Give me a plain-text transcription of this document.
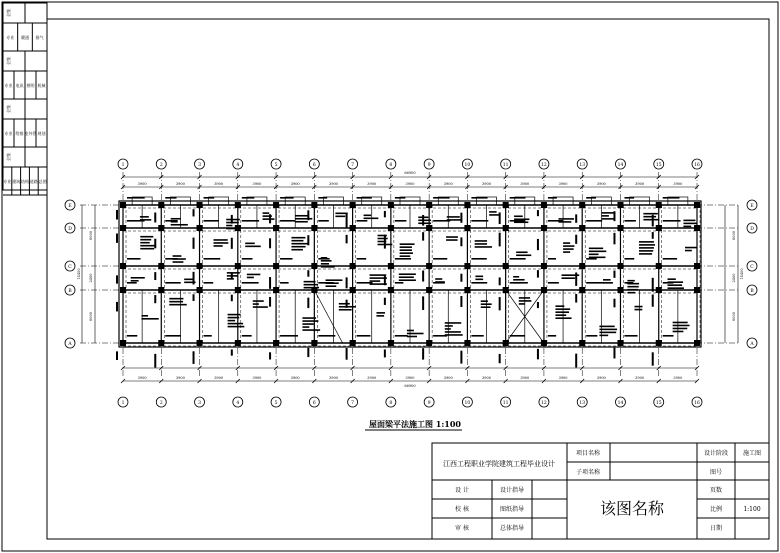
会签
专业 暖通 排气
会签
专业 电讯 照明 机械
会签
专业 给排 室外管 规划
会签
专业 建筑 结构 道路 总图	3900
3900
3900
3900
3900
3900
3900
3900
3900
3900
3900
3900
3900
3900
3900
3900
3900
3900
3900
3900
3900
3900
3900
3900
3900
3900
3900
3900
3900
3900
66900
66900
6000	6000
2400	2400
6000	6000
14400	14400
1
1
2
2
3
3
4
4
5
5
6
6
7
7
8
8
9
9
10
10
11
11
12
12
13
13
14
14
15
15
16
16
E	E
D	D
C	C
B	B
A	A
屋面梁平法施工图 1:100
江西工程职业学院建筑工程毕业设计
项目名称
子项名称
设计阶段 施工图
图号
页数
比例	1:100
日期
该图名称
设 计	设计指导
校 核	图纸指导
审 核	总体指导
